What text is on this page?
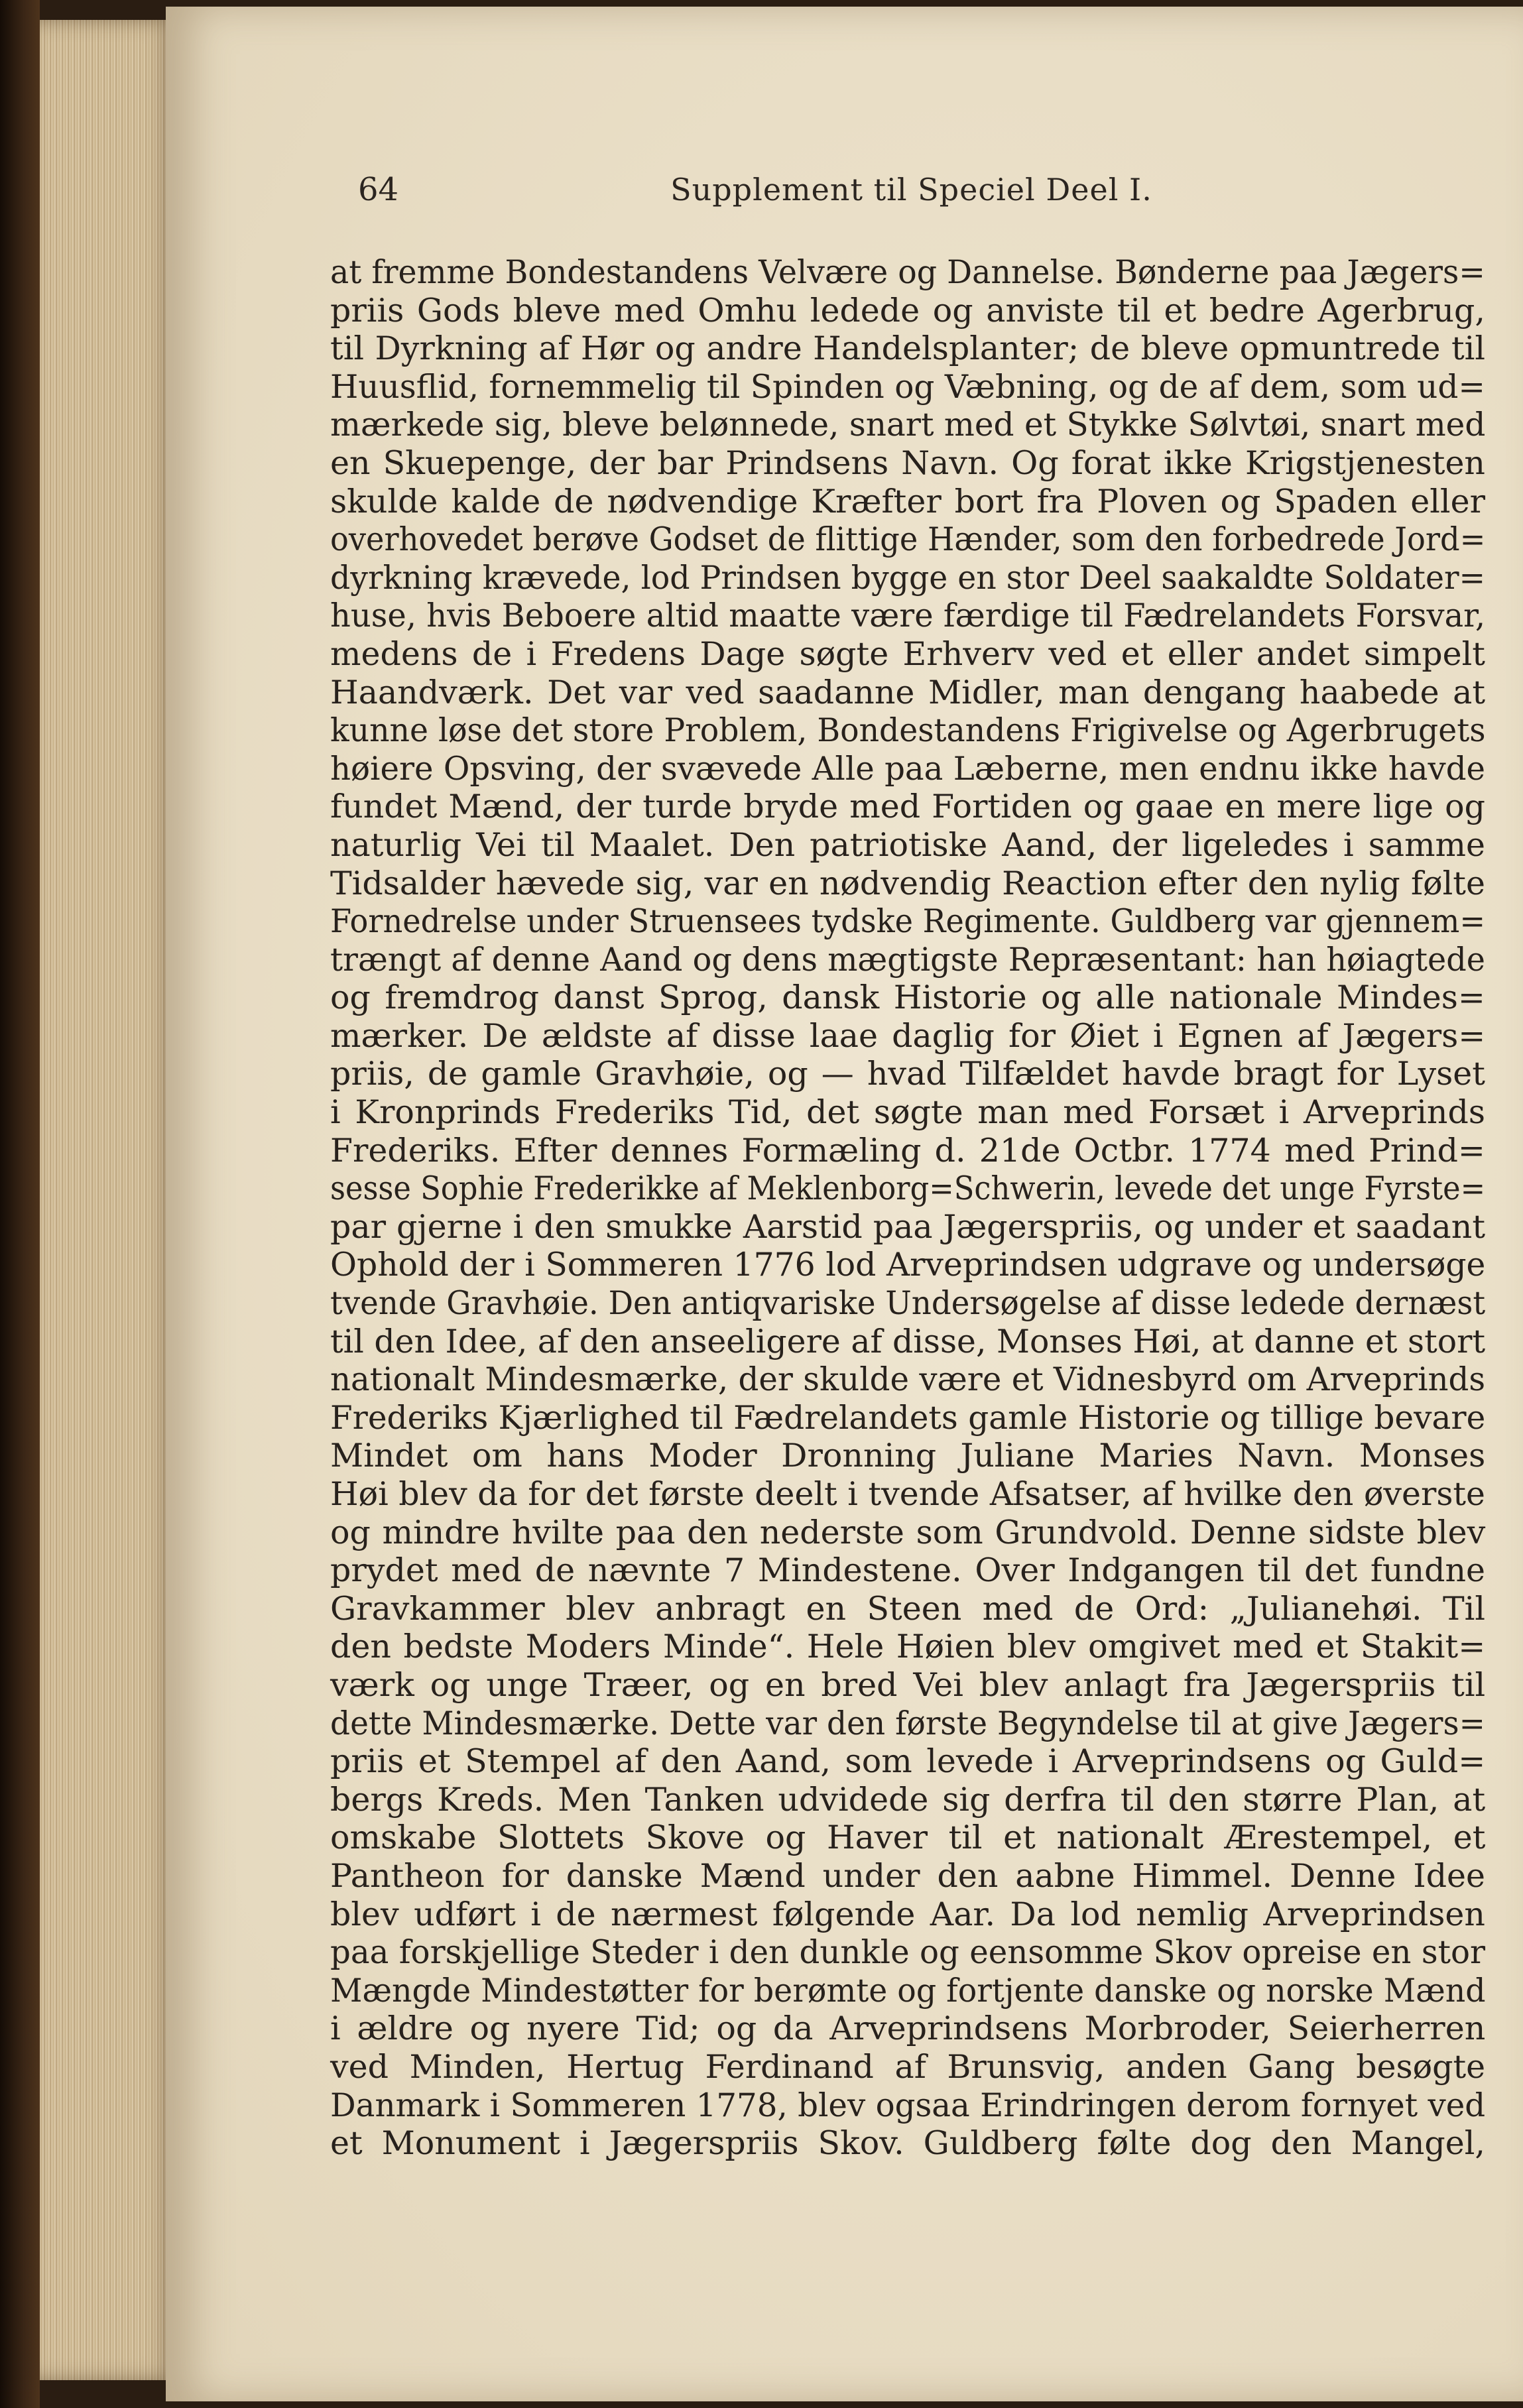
64	Supplement til Speciel Deel I.
at fremme Bondestandens Velvære og Dannelse. Bønderne paa Jægers=
priis Gods bleve med Omhu ledede og anviste til et bedre Agerbrug,
til Dyrkning af Hør og andre Handelsplanter; de bleve opmuntrede til
Huusflid, fornemmelig til Spinden og Væbning, og de af dem, som ud=
mærkede sig, bleve belønnede, snart med et Stykke Sølvtøi, snart med
en Skuepenge, der bar Prindsens Navn. Og forat ikke Krigstjenesten
skulde kalde de nødvendige Kræfter bort fra Ploven og Spaden eller
overhovedet berøve Godset de flittige Hænder, som den forbedrede Jord=
dyrkning krævede, lod Prindsen bygge en stor Deel saakaldte Soldater=
huse, hvis Beboere altid maatte være færdige til Fædrelandets Forsvar,
medens de i Fredens Dage søgte Erhverv ved et eller andet simpelt
Haandværk. Det var ved saadanne Midler, man dengang haabede at
kunne løse det store Problem, Bondestandens Frigivelse og Agerbrugets
høiere Opsving, der svævede Alle paa Læberne, men endnu ikke havde
fundet Mænd, der turde bryde med Fortiden og gaae en mere lige og
naturlig Vei til Maalet. Den patriotiske Aand, der ligeledes i samme
Tidsalder hævede sig, var en nødvendig Reaction efter den nylig følte
Fornedrelse under Struensees tydske Regimente. Guldberg var gjennem=
trængt af denne Aand og dens mægtigste Repræsentant: han høiagtede
og fremdrog danst Sprog, dansk Historie og alle nationale Mindes=
mærker. De ældste af disse laae daglig for Øiet i Egnen af Jægers=
priis, de gamle Gravhøie, og — hvad Tilfældet havde bragt for Lyset
i Kronprinds Frederiks Tid, det søgte man med Forsæt i Arveprinds
Frederiks. Efter dennes Formæling d. 21de Octbr. 1774 med Prind=
sesse Sophie Frederikke af Meklenborg=Schwerin, levede det unge Fyrste=
par gjerne i den smukke Aarstid paa Jægerspriis, og under et saadant
Ophold der i Sommeren 1776 lod Arveprindsen udgrave og undersøge
tvende Gravhøie. Den antiqvariske Undersøgelse af disse ledede dernæst
til den Idee, af den anseeligere af disse, Monses Høi, at danne et stort
nationalt Mindesmærke, der skulde være et Vidnesbyrd om Arveprinds
Frederiks Kjærlighed til Fædrelandets gamle Historie og tillige bevare
Mindet om hans Moder Dronning Juliane Maries Navn. Monses
Høi blev da for det første deelt i tvende Afsatser, af hvilke den øverste
og mindre hvilte paa den nederste som Grundvold. Denne sidste blev
prydet med de nævnte 7 Mindestene. Over Indgangen til det fundne
Gravkammer blev anbragt en Steen med de Ord: „Julianehøi. Til
den bedste Moders Minde“. Hele Høien blev omgivet med et Stakit=
værk og unge Træer, og en bred Vei blev anlagt fra Jægerspriis til
dette Mindesmærke. Dette var den første Begyndelse til at give Jægers=
priis et Stempel af den Aand, som levede i Arveprindsens og Guld=
bergs Kreds. Men Tanken udvidede sig derfra til den større Plan, at
omskabe Slottets Skove og Haver til et nationalt Ærestempel, et
Pantheon for danske Mænd under den aabne Himmel. Denne Idee
blev udført i de nærmest følgende Aar. Da lod nemlig Arveprindsen
paa forskjellige Steder i den dunkle og eensomme Skov opreise en stor
Mængde Mindestøtter for berømte og fortjente danske og norske Mænd
i ældre og nyere Tid; og da Arveprindsens Morbroder, Seierherren
ved Minden, Hertug Ferdinand af Brunsvig, anden Gang besøgte
Danmark i Sommeren 1778, blev ogsaa Erindringen derom fornyet ved
et Monument i Jægerspriis Skov. Guldberg følte dog den Mangel,
